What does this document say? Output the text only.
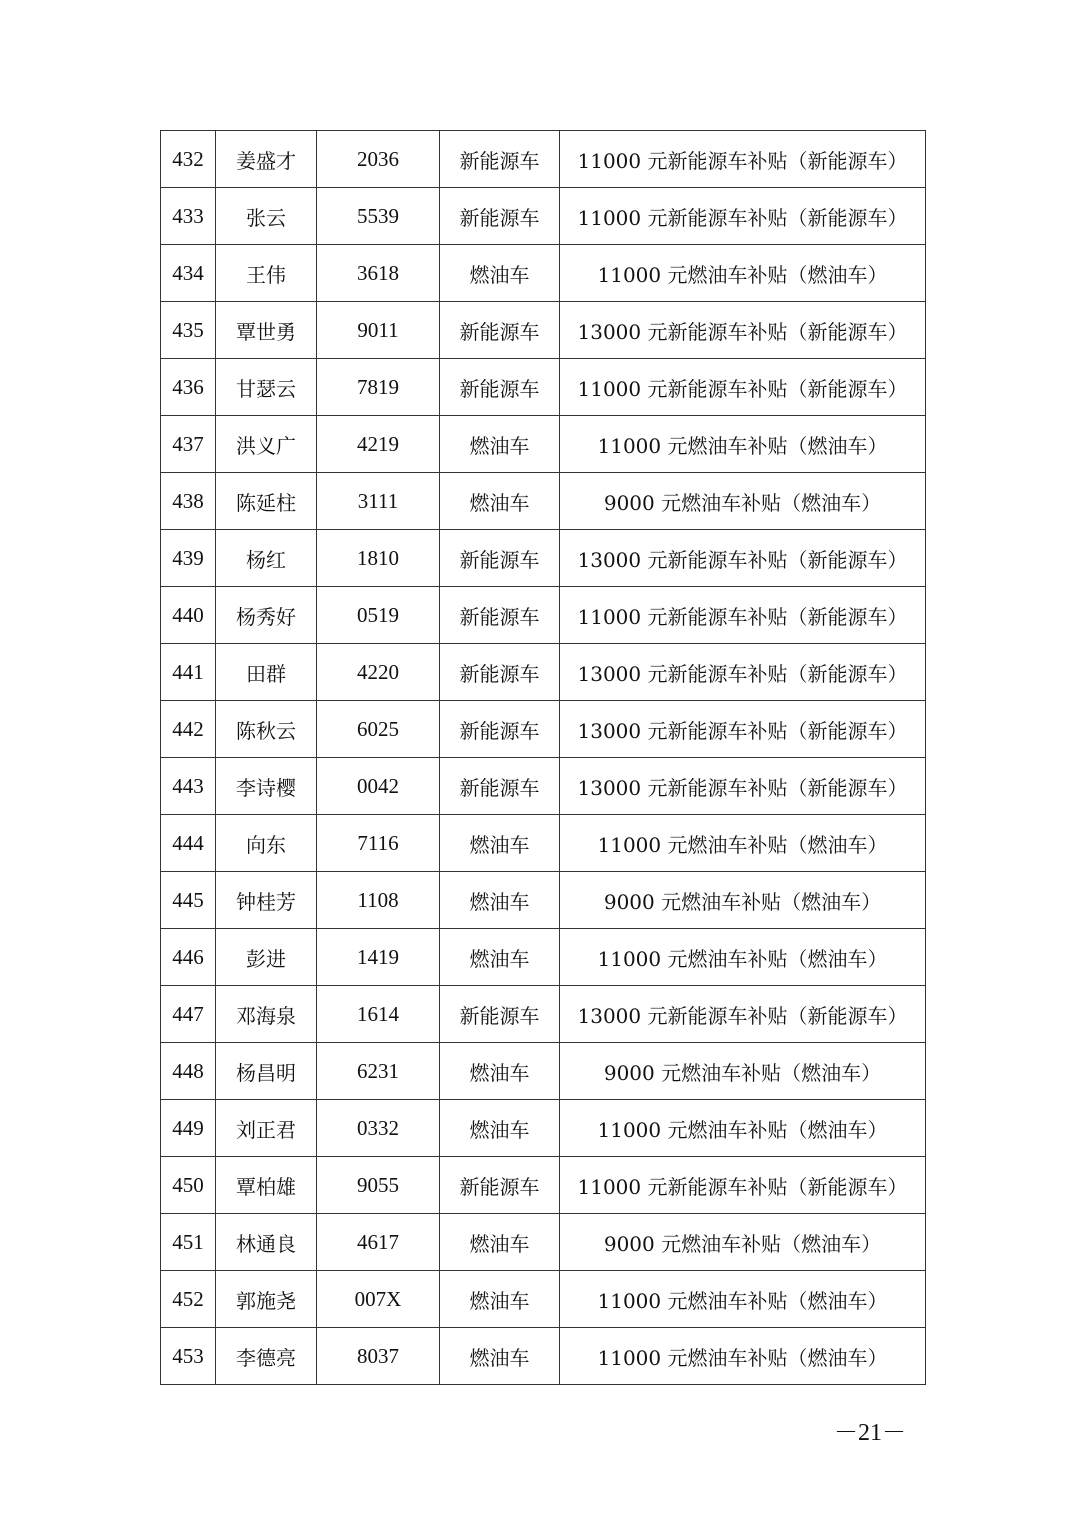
432	姜盛才	2036	新能源车	11000 元新能源车补贴（新能源车）
433	张云	5539	新能源车	11000 元新能源车补贴（新能源车）
434	王伟	3618	燃油车	11000 元燃油车补贴（燃油车）
435	覃世勇	9011	新能源车	13000 元新能源车补贴（新能源车）
436	甘瑟云	7819	新能源车	11000 元新能源车补贴（新能源车）
437	洪义广	4219	燃油车	11000 元燃油车补贴（燃油车）
438	陈延柱	3111	燃油车	9000 元燃油车补贴（燃油车）
439	杨红	1810	新能源车	13000 元新能源车补贴（新能源车）
440	杨秀好	0519	新能源车	11000 元新能源车补贴（新能源车）
441	田群	4220	新能源车	13000 元新能源车补贴（新能源车）
442	陈秋云	6025	新能源车	13000 元新能源车补贴（新能源车）
443	李诗樱	0042	新能源车	13000 元新能源车补贴（新能源车）
444	向东	7116	燃油车	11000 元燃油车补贴（燃油车）
445	钟桂芳	1108	燃油车	9000 元燃油车补贴（燃油车）
446	彭进	1419	燃油车	11000 元燃油车补贴（燃油车）
447	邓海泉	1614	新能源车	13000 元新能源车补贴（新能源车）
448	杨昌明	6231	燃油车	9000 元燃油车补贴（燃油车）
449	刘正君	0332	燃油车	11000 元燃油车补贴（燃油车）
450	覃柏雄	9055	新能源车	11000 元新能源车补贴（新能源车）
451	林通良	4617	燃油车	9000 元燃油车补贴（燃油车）
452	郭施尧	007X	燃油车	11000 元燃油车补贴（燃油车）
453	李德亮	8037	燃油车	11000 元燃油车补贴（燃油车）
－21－
